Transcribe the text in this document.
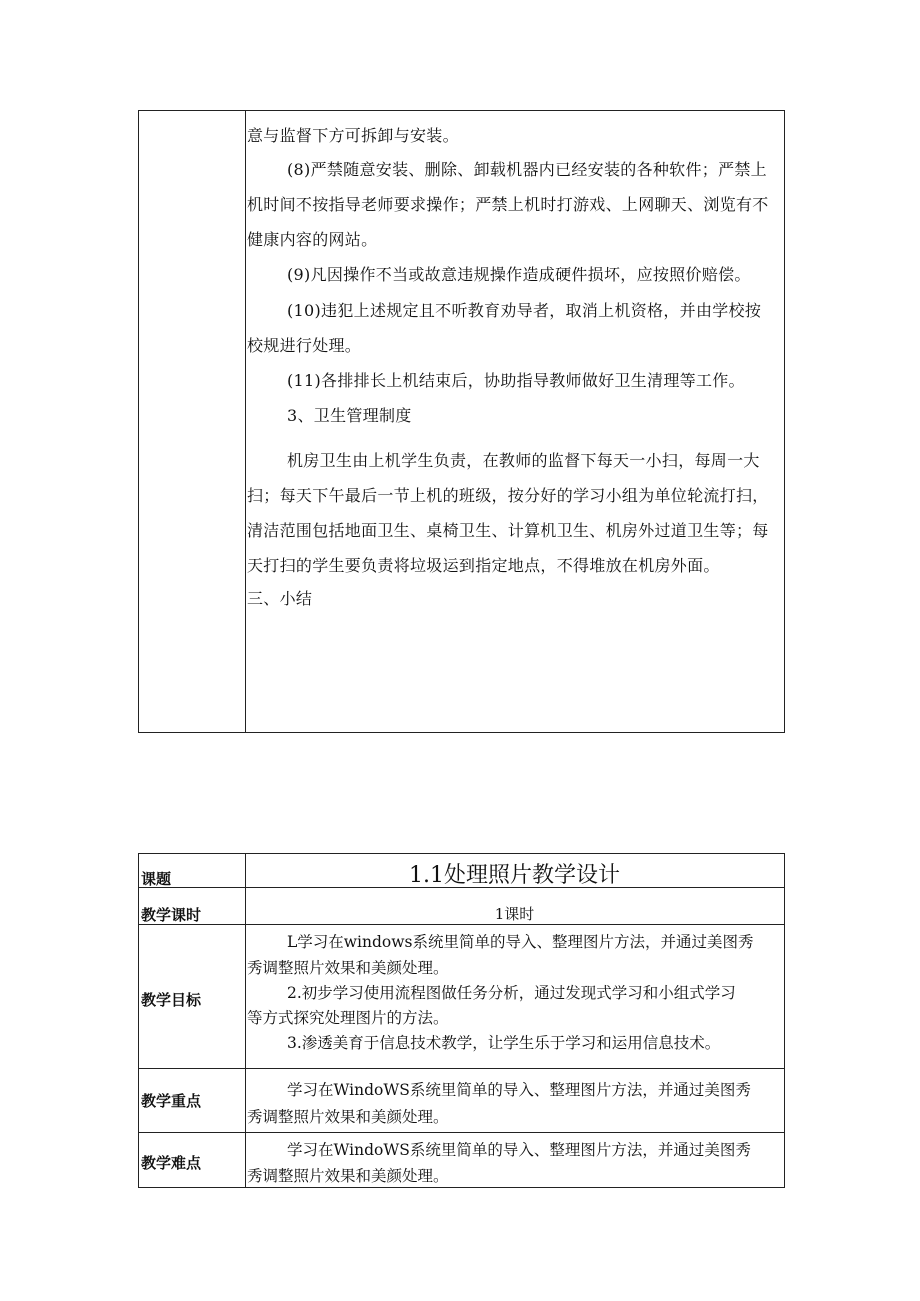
意与监督下方可拆卸与安装。
(8)严禁随意安装、删除、卸载机器内已经安装的各种软件；严禁上
机时间不按指导老师要求操作；严禁上机时打游戏、上网聊天、浏览有不
健康内容的网站。
(9)凡因操作不当或故意违规操作造成硬件损坏，应按照价赔偿。
(10)违犯上述规定且不听教育劝导者，取消上机资格，并由学校按
校规进行处理。
(11)各排排长上机结束后，协助指导教师做好卫生清理等工作。
3、卫生管理制度
机房卫生由上机学生负责，在教师的监督下每天一小扫，每周一大
扫；每天下午最后一节上机的班级，按分好的学习小组为单位轮流打扫，
清洁范围包括地面卫生、桌椅卫生、计算机卫生、机房外过道卫生等；每
天打扫的学生要负责将垃圾运到指定地点，不得堆放在机房外面。
三、小结
课题	1.1处理照片教学设计
教学课时	1课时
教学目标
L学习在windows系统里简单的导入、整理图片方法，并通过美图秀
秀调整照片效果和美颜处理。
2.初步学习使用流程图做任务分析，通过发现式学习和小组式学习
等方式探究处理图片的方法。
3.渗透美育于信息技术教学，让学生乐于学习和运用信息技术。
教学重点
学习在WindoWS系统里简单的导入、整理图片方法，并通过美图秀
秀调整照片效果和美颜处理。
教学难点
学习在WindoWS系统里简单的导入、整理图片方法，并通过美图秀
秀调整照片效果和美颜处理。
